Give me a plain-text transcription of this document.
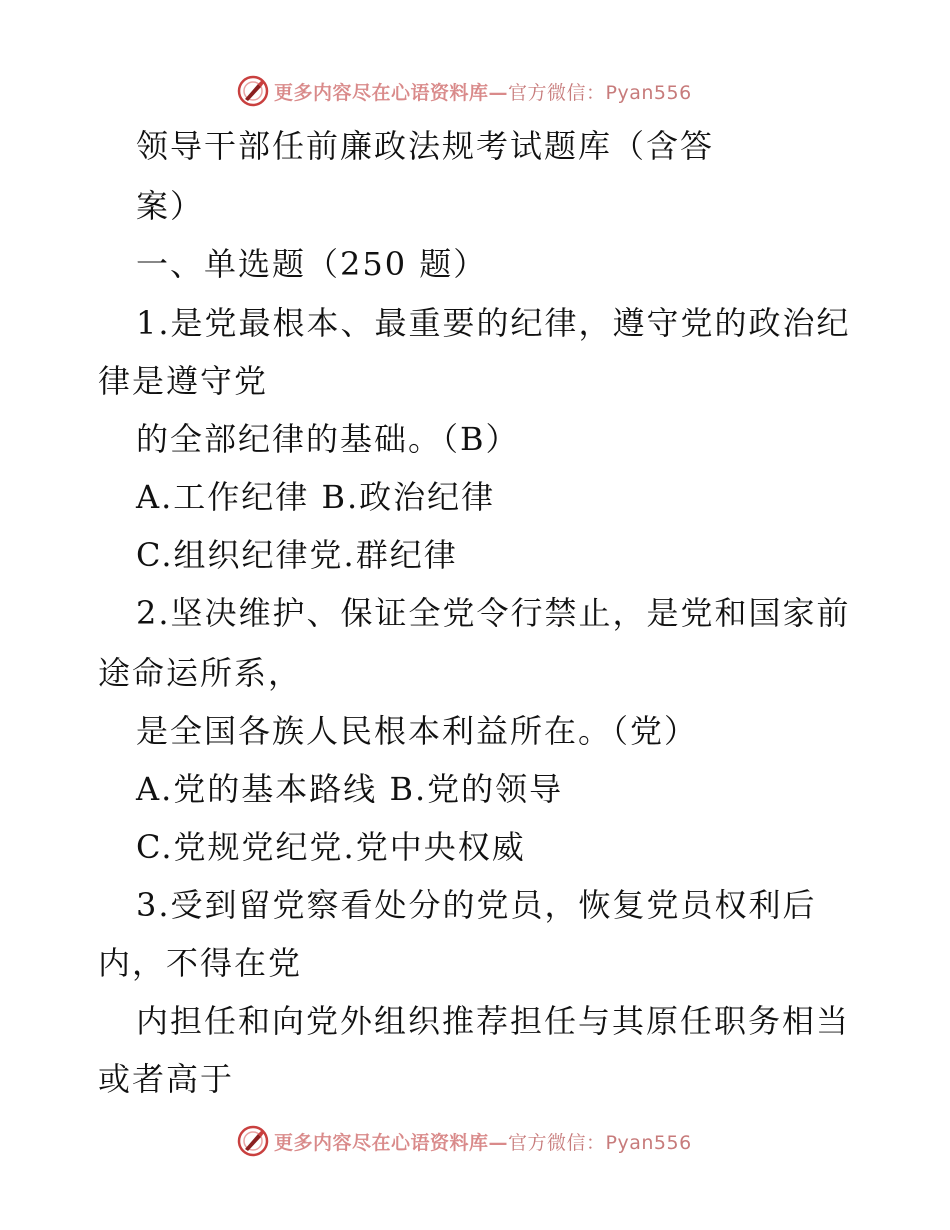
更多内容尽在心语资料库—官方微信：Pyan556
领导干部任前廉政法规考试题库（含答
案）
一、单选题（250 题）
1.是党最根本、最重要的纪律，遵守党的政治纪
律是遵守党
的全部纪律的基础。（B）
A.工作纪律 B.政治纪律
C.组织纪律党.群纪律
2.坚决维护、保证全党令行禁止，是党和国家前
途命运所系，
是全国各族人民根本利益所在。（党）
A.党的基本路线 B.党的领导
C.党规党纪党.党中央权威
3.受到留党察看处分的党员，恢复党员权利后
内，不得在党
内担任和向党外组织推荐担任与其原任职务相当
或者高于
更多内容尽在心语资料库—官方微信：Pyan556
